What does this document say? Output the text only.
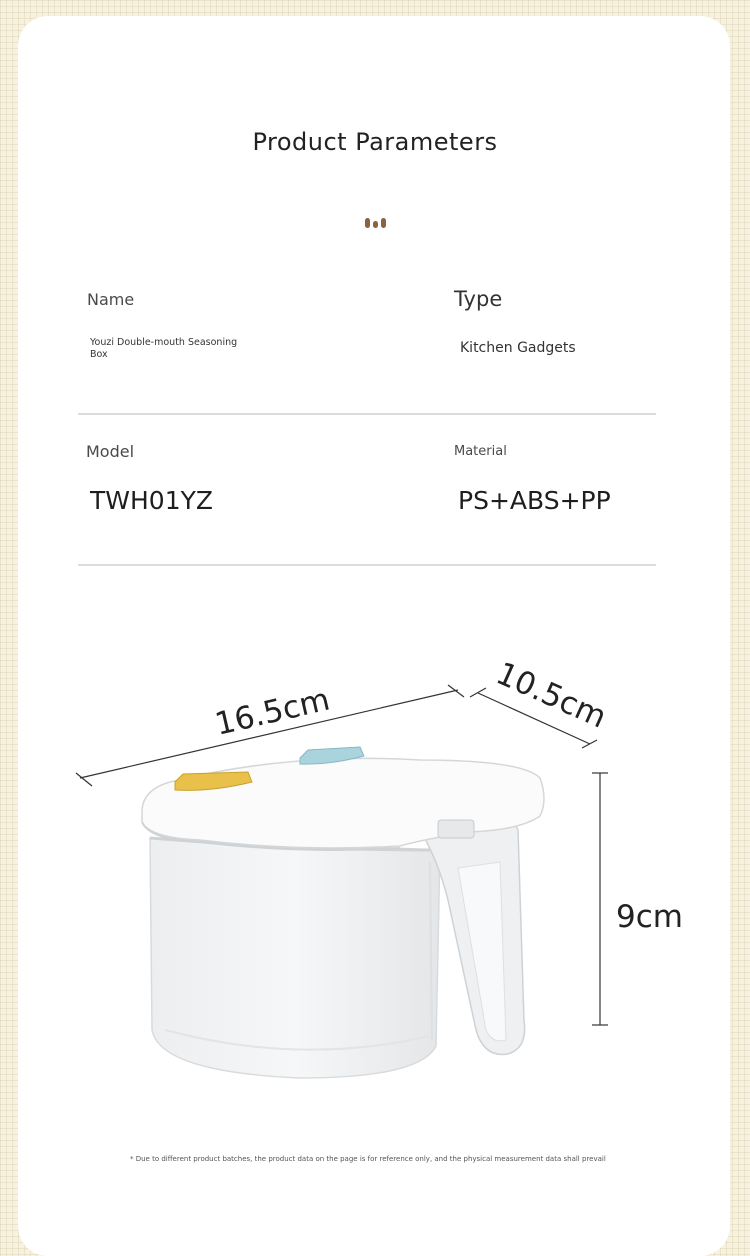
Product Parameters
Name
Youzi Double-mouth Seasoning Box
Type
Kitchen Gadgets
Model
TWH01YZ
Material
PS+ABS+PP
16.5cm	10.5cm
9cm
* Due to different product batches, the product data on the page is for reference only, and the physical measurement data shall prevail
